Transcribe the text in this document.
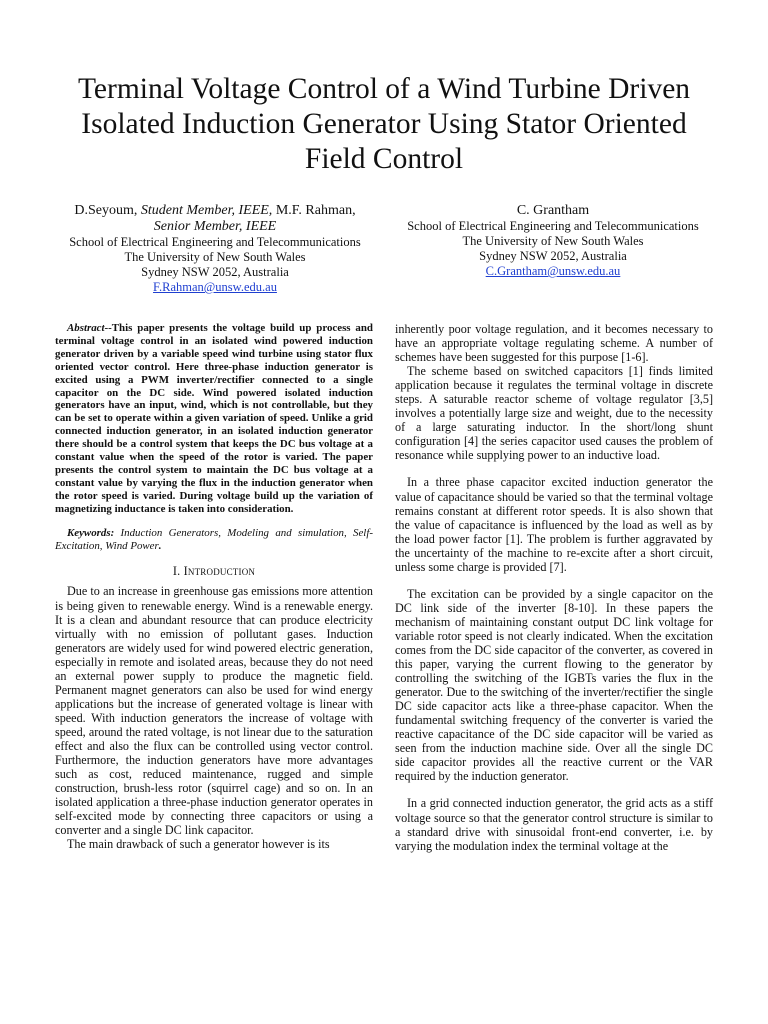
Terminal Voltage Control of a Wind Turbine Driven Isolated Induction Generator Using Stator Oriented Field Control
D.Seyoum, Student Member, IEEE, M.F. Rahman,
Senior Member, IEEE
School of Electrical Engineering and Telecommunications
The University of New South Wales
Sydney NSW 2052, Australia
F.Rahman@unsw.edu.au
C. Grantham
School of Electrical Engineering and Telecommunications
The University of New South Wales
Sydney NSW 2052, Australia
C.Grantham@unsw.edu.au

Abstract--This paper presents the voltage build up process and terminal voltage control in an isolated wind powered induction generator driven by a variable speed wind turbine using stator flux oriented vector control. Here three-phase induction generator is excited using a PWM inverter/rectifier connected to a single capacitor on the DC side. Wind powered isolated induction generators have an input, wind, which is not controllable, but they can be set to operate within a given variation of speed. Unlike a grid connected induction generator, in an isolated induction generator there should be a control system that keeps the DC bus voltage at a constant value when the speed of the rotor is varied. The paper presents the control system to maintain the DC bus voltage at a constant value by varying the flux in the induction generator when the rotor speed is varied. During voltage build up the variation of magnetizing inductance is taken into consideration.

Keywords: Induction Generators, Modeling and simulation, Self-Excitation, Wind Power.

I. Introduction

Due to an increase in greenhouse gas emissions more attention is being given to renewable energy. Wind is a renewable energy. It is a clean and abundant resource that can produce electricity virtually with no emission of pollutant gases. Induction generators are widely used for wind powered electric generation, especially in remote and isolated areas, because they do not need an external power supply to produce the magnetic field. Permanent magnet generators can also be used for wind energy applications but the increase of generated voltage is linear with speed. With induction generators the increase of voltage with speed, around the rated voltage, is not linear due to the saturation effect and also the flux can be controlled using vector control. Furthermore, the induction generators have more advantages such as cost, reduced maintenance, rugged and simple construction, brush-less rotor (squirrel cage) and so on. In an isolated application a three-phase induction generator operates in self-excited mode by connecting three capacitors or using a converter and a single DC link capacitor.

The main drawback of such a generator however is its

inherently poor voltage regulation, and it becomes necessary to have an appropriate voltage regulating scheme. A number of schemes have been suggested for this purpose [1-6].

The scheme based on switched capacitors [1] finds limited application because it regulates the terminal voltage in discrete steps. A saturable reactor scheme of voltage regulator [3,5] involves a potentially large size and weight, due to the necessity of a large saturating inductor. In the short/long shunt configuration [4] the series capacitor used causes the problem of resonance while supplying power to an inductive load.

In a three phase capacitor excited induction generator the value of capacitance should be varied so that the terminal voltage remains constant at different rotor speeds. It is also shown that the value of capacitance is influenced by the load as well as by the load power factor [1]. The problem is further aggravated by the uncertainty of the machine to re-excite after a short circuit, unless some charge is provided [7].

The excitation can be provided by a single capacitor on the DC link side of the inverter [8-10]. In these papers the mechanism of maintaining constant output DC link voltage for variable rotor speed is not clearly indicated. When the excitation comes from the DC side capacitor of the converter, as covered in this paper, varying the current flowing to the generator by controlling the switching of the IGBTs varies the flux in the generator. Due to the switching of the inverter/rectifier the single DC side capacitor acts like a three-phase capacitor. When the fundamental switching frequency of the converter is varied the reactive capacitance of the DC side capacitor will be varied as seen from the induction machine side. Over all the single DC side capacitor provides all the reactive current or the VAR required by the induction generator.

In a grid connected induction generator, the grid acts as a stiff voltage source so that the generator control structure is similar to a standard drive with sinusoidal front-end converter, i.e. by varying the modulation index the terminal voltage at the
